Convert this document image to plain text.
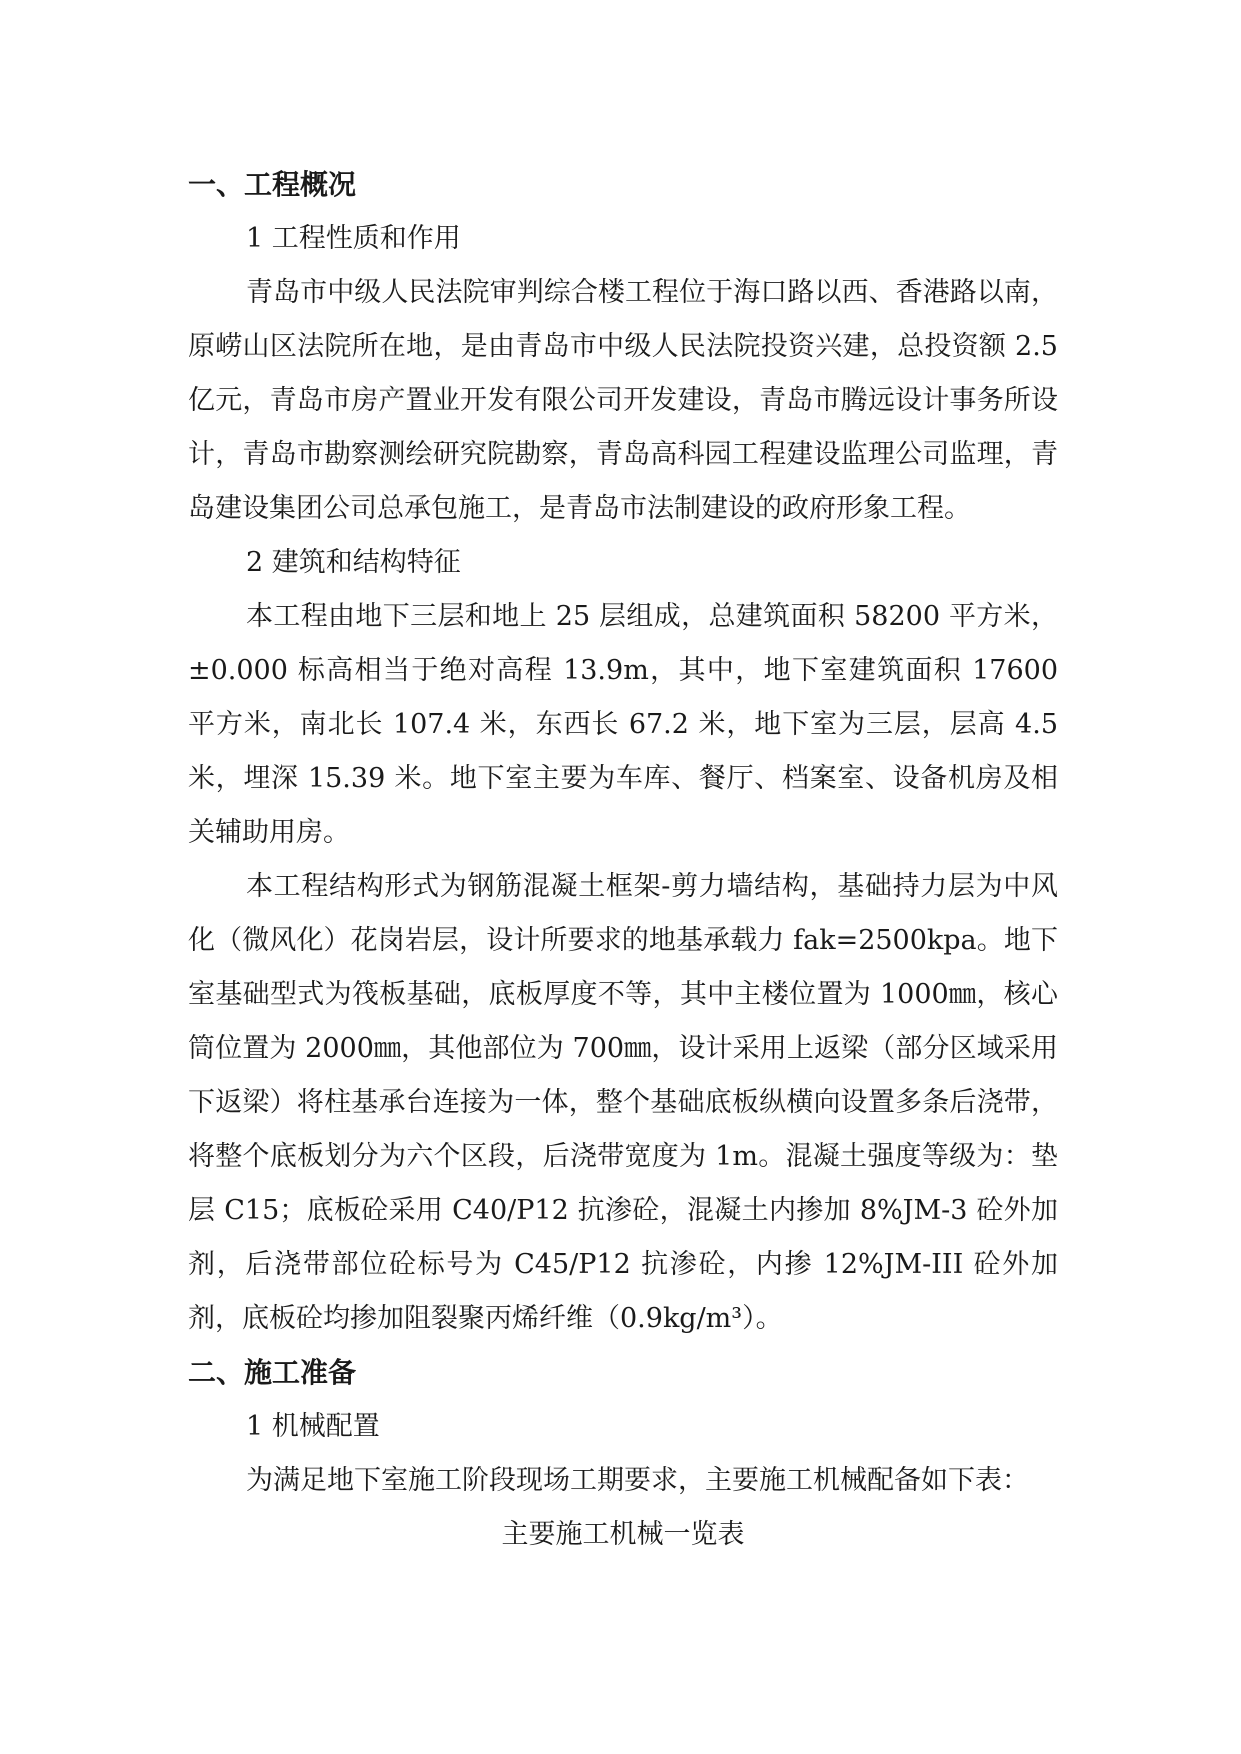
一、工程概况
1 工程性质和作用

青岛市中级人民法院审判综合楼工程位于海口路以西、香港路以南，原崂山区法院所在地，是由青岛市中级人民法院投资兴建，总投资额 2.5 亿元，青岛市房产置业开发有限公司开发建设，青岛市腾远设计事务所设计，青岛市勘察测绘研究院勘察，青岛高科园工程建设监理公司监理，青岛建设集团公司总承包施工，是青岛市法制建设的政府形象工程。

2 建筑和结构特征

本工程由地下三层和地上 25 层组成，总建筑面积 58200 平方米，±0.000 标高相当于绝对高程 13.9m，其中，地下室建筑面积 17600 平方米，南北长 107.4 米，东西长 67.2 米，地下室为三层，层高 4.5 米，埋深 15.39 米。地下室主要为车库、餐厅、档案室、设备机房及相关辅助用房。

本工程结构形式为钢筋混凝土框架-剪力墙结构，基础持力层为中风化（微风化）花岗岩层，设计所要求的地基承载力 fak=2500kpa。地下室基础型式为筏板基础，底板厚度不等，其中主楼位置为 1000㎜，核心筒位置为 2000㎜，其他部位为 700㎜，设计采用上返梁（部分区域采用下返梁）将柱基承台连接为一体，整个基础底板纵横向设置多条后浇带，将整个底板划分为六个区段，后浇带宽度为 1m。混凝土强度等级为：垫层 C15；底板砼采用 C40/P12 抗渗砼，混凝土内掺加 8%JM-3 砼外加剂，后浇带部位砼标号为 C45/P12 抗渗砼，内掺 12%JM-III 砼外加剂，底板砼均掺加阻裂聚丙烯纤维（0.9kg/m³）。

二、施工准备
1 机械配置

为满足地下室施工阶段现场工期要求，主要施工机械配备如下表：

主要施工机械一览表
